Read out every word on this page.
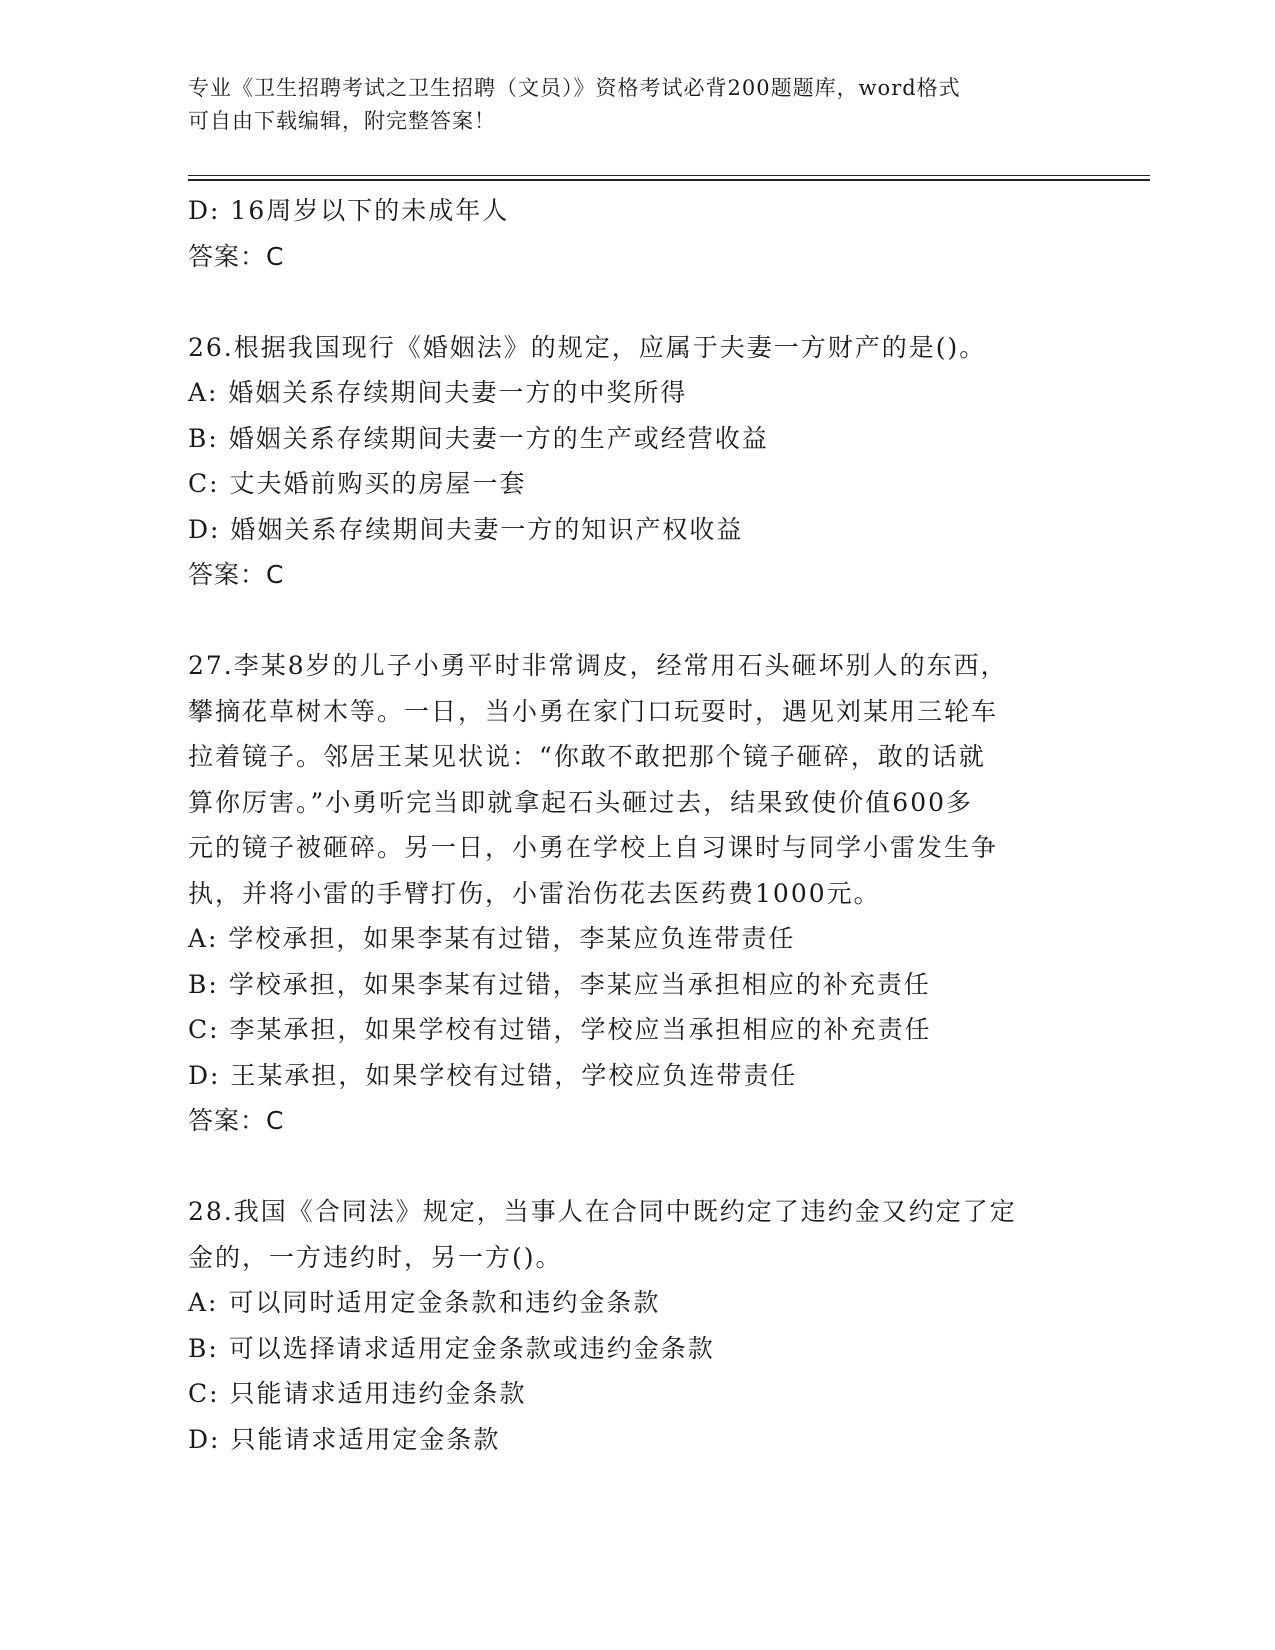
专业《卫生招聘考试之卫生招聘（文员）》资格考试必背200题题库，word格式
可自由下载编辑，附完整答案！
D: 16周岁以下的未成年人
答案：C
26.根据我国现行《婚姻法》的规定，应属于夫妻一方财产的是()。
A: 婚姻关系存续期间夫妻一方的中奖所得
B: 婚姻关系存续期间夫妻一方的生产或经营收益
C: 丈夫婚前购买的房屋一套
D: 婚姻关系存续期间夫妻一方的知识产权收益
答案：C
27.李某8岁的儿子小勇平时非常调皮，经常用石头砸坏别人的东西，
攀摘花草树木等。一日，当小勇在家门口玩耍时，遇见刘某用三轮车
拉着镜子。邻居王某见状说：“你敢不敢把那个镜子砸碎，敢的话就
算你厉害。”小勇听完当即就拿起石头砸过去，结果致使价值600多
元的镜子被砸碎。另一日，小勇在学校上自习课时与同学小雷发生争
执，并将小雷的手臂打伤，小雷治伤花去医药费1000元。
A: 学校承担，如果李某有过错，李某应负连带责任
B: 学校承担，如果李某有过错，李某应当承担相应的补充责任
C: 李某承担，如果学校有过错，学校应当承担相应的补充责任
D: 王某承担，如果学校有过错，学校应负连带责任
答案：C
28.我国《合同法》规定，当事人在合同中既约定了违约金又约定了定
金的，一方违约时，另一方()。
A: 可以同时适用定金条款和违约金条款
B: 可以选择请求适用定金条款或违约金条款
C: 只能请求适用违约金条款
D: 只能请求适用定金条款
